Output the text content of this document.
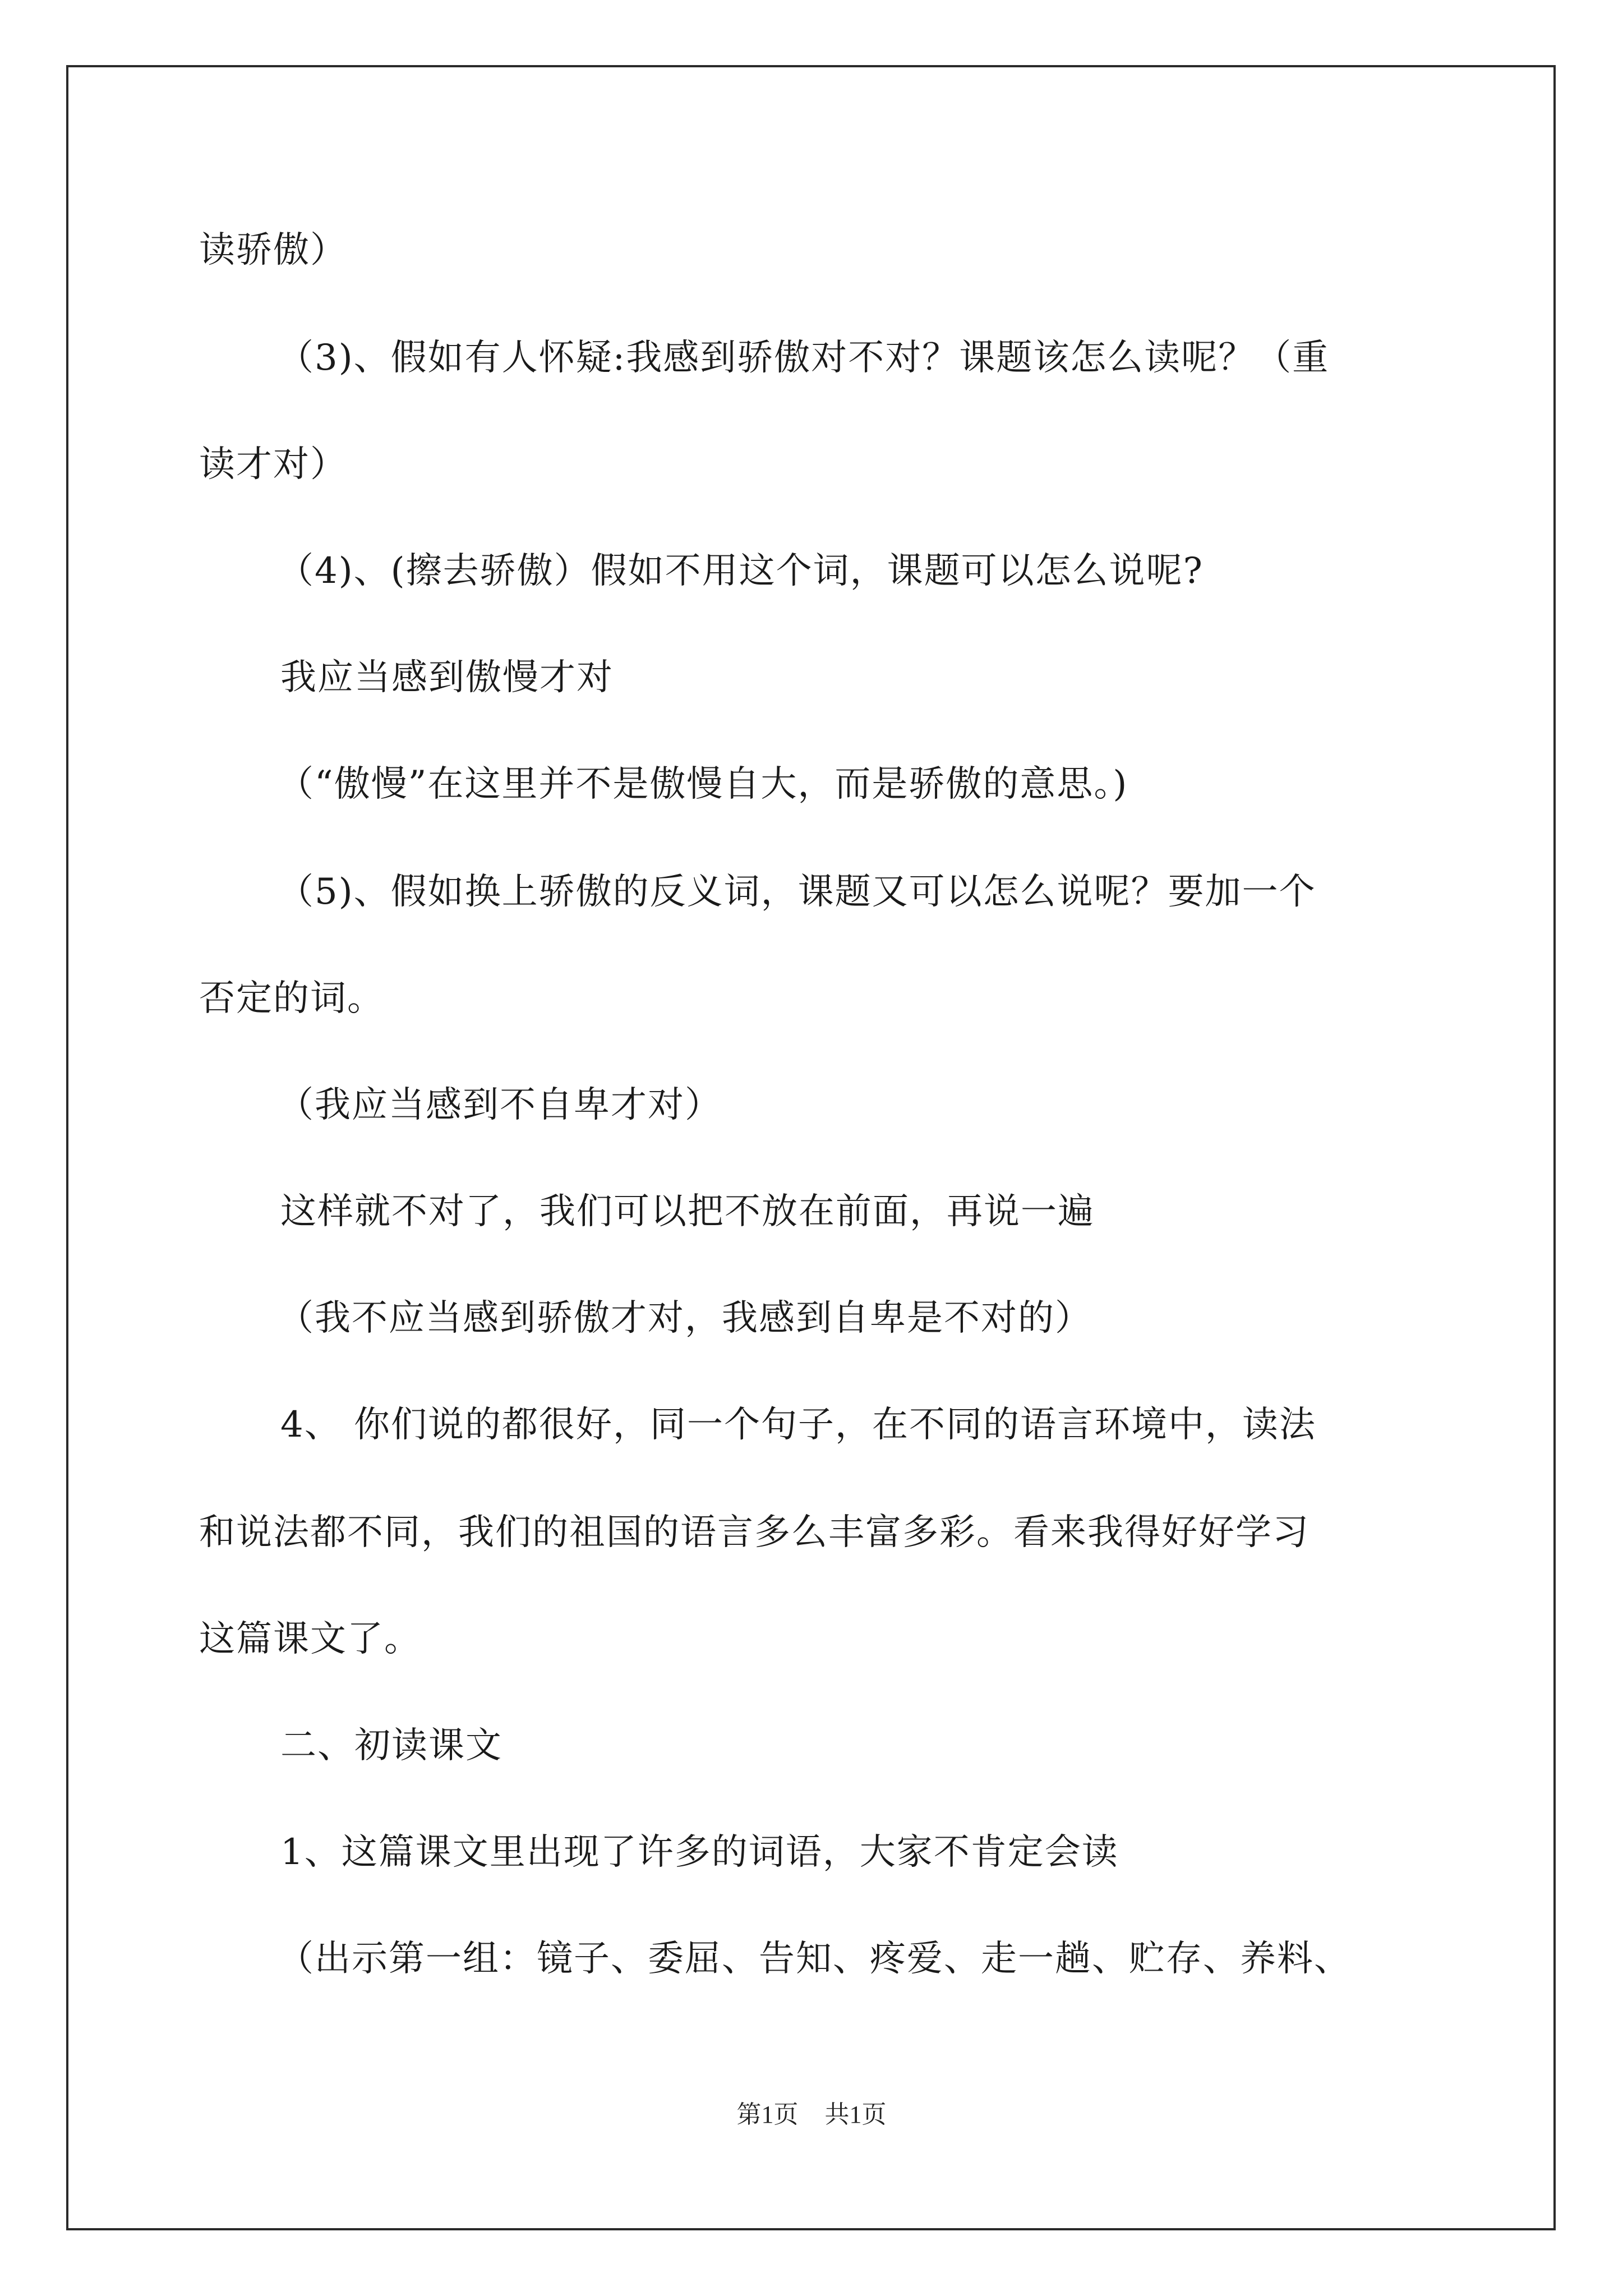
读骄傲）
（3)、假如有人怀疑:我感到骄傲对不对？课题该怎么读呢？（重
读才对）
（4)、(擦去骄傲）假如不用这个词，课题可以怎么说呢?
我应当感到傲慢才对
（“傲慢”在这里并不是傲慢自大，而是骄傲的意思。)
（5)、假如换上骄傲的反义词，课题又可以怎么说呢？要加一个
否定的词。
（我应当感到不自卑才对）
这样就不对了，我们可以把不放在前面，再说一遍
（我不应当感到骄傲才对，我感到自卑是不对的）
4、 你们说的都很好，同一个句子，在不同的语言环境中，读法
和说法都不同，我们的祖国的语言多么丰富多彩。看来我得好好学习
这篇课文了。
二、初读课文
1、这篇课文里出现了许多的词语，大家不肯定会读
（出示第一组：镜子、委屈、告知、疼爱、走一趟、贮存、养料、
第1页 共1页
